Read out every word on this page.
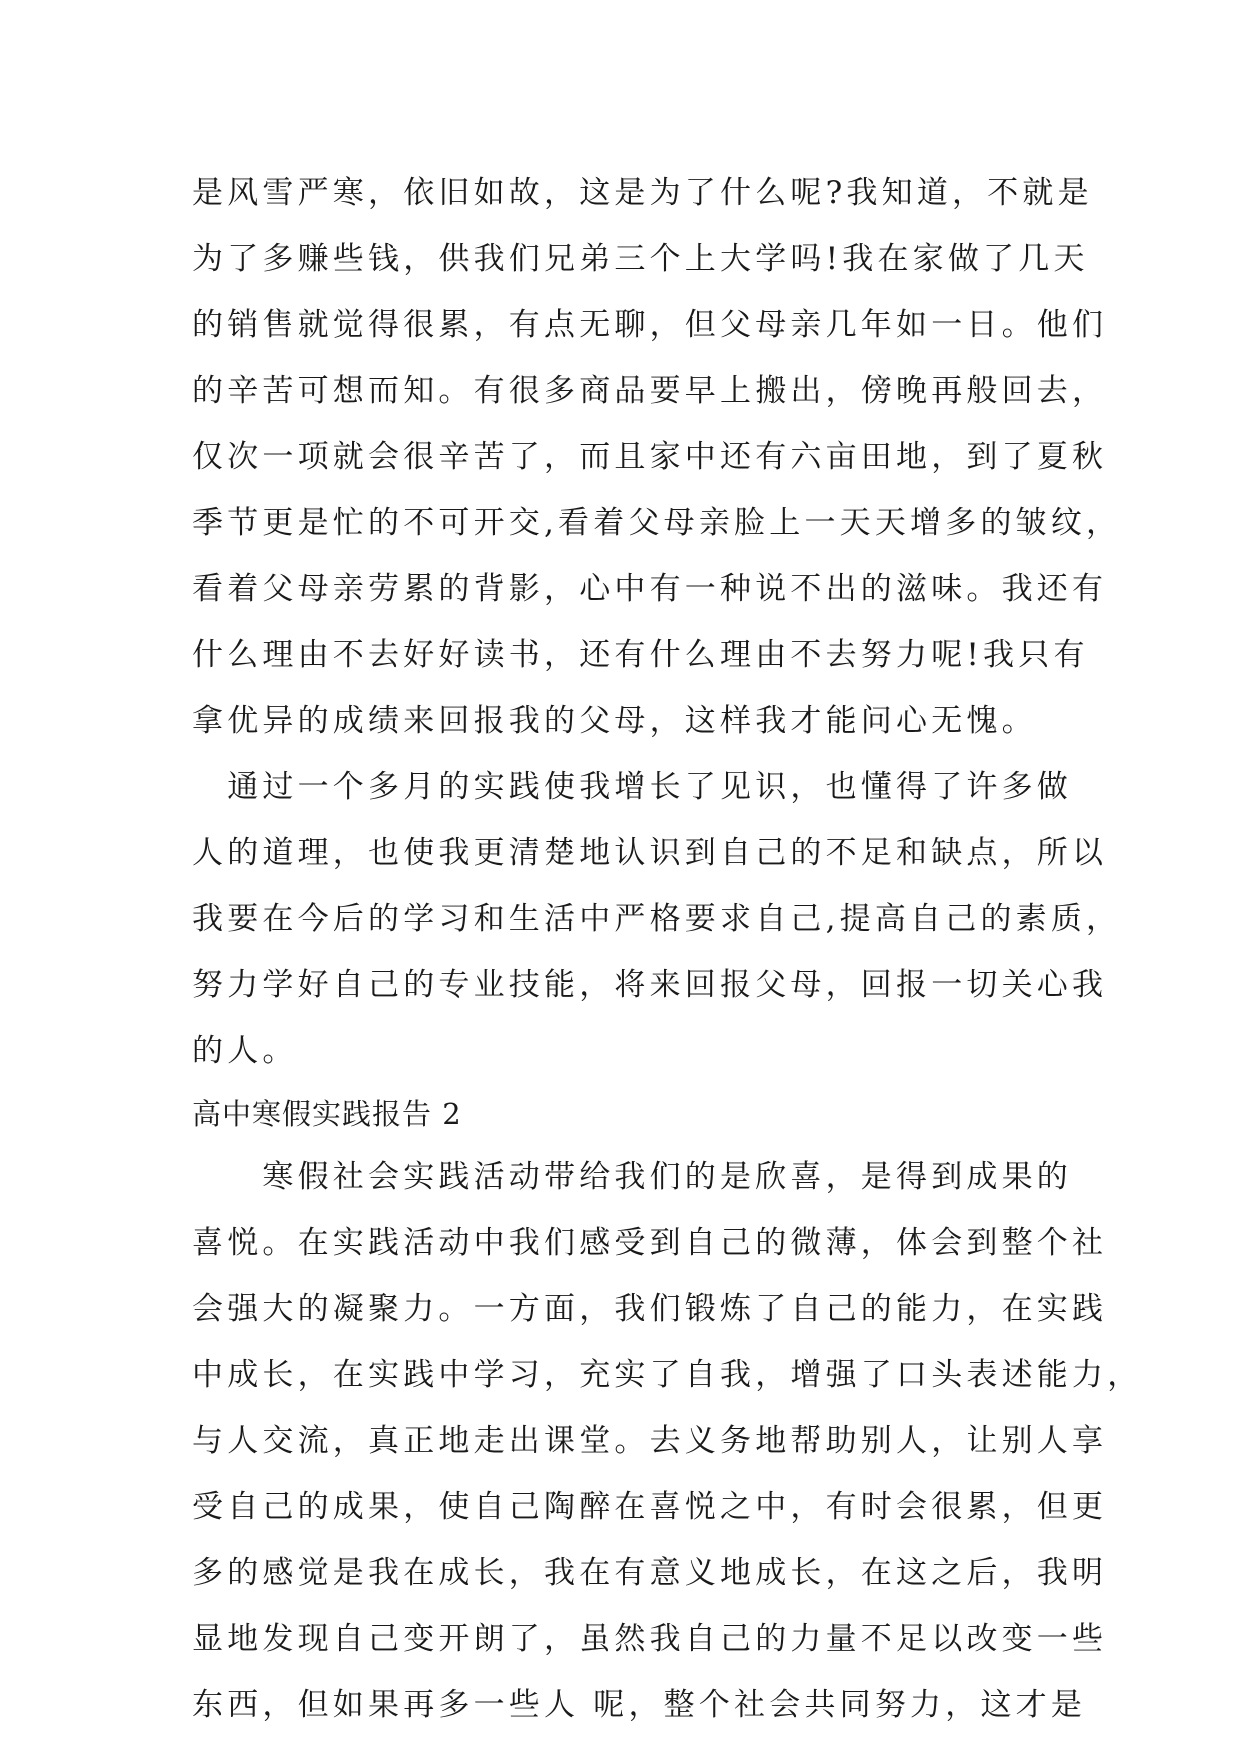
是风雪严寒，依旧如故，这是为了什么呢?我知道，不就是
为了多赚些钱，供我们兄弟三个上大学吗!我在家做了几天
的销售就觉得很累，有点无聊，但父母亲几年如一日。他们
的辛苦可想而知。有很多商品要早上搬出，傍晚再般回去，
仅次一项就会很辛苦了，而且家中还有六亩田地，到了夏秋
季节更是忙的不可开交,看着父母亲脸上一天天增多的皱纹，
看着父母亲劳累的背影，心中有一种说不出的滋味。我还有
什么理由不去好好读书，还有什么理由不去努力呢!我只有
拿优异的成绩来回报我的父母，这样我才能问心无愧。
　通过一个多月的实践使我增长了见识，也懂得了许多做
人的道理，也使我更清楚地认识到自己的不足和缺点，所以
我要在今后的学习和生活中严格要求自己,提高自己的素质，
努力学好自己的专业技能，将来回报父母，回报一切关心我
的人。
高中寒假实践报告 2
　　寒假社会实践活动带给我们的是欣喜，是得到成果的
喜悦。在实践活动中我们感受到自己的微薄，体会到整个社
会强大的凝聚力。一方面，我们锻炼了自己的能力，在实践
中成长，在实践中学习，充实了自我，增强了口头表述能力，
与人交流，真正地走出课堂。去义务地帮助别人，让别人享
受自己的成果，使自己陶醉在喜悦之中，有时会很累，但更
多的感觉是我在成长，我在有意义地成长，在这之后，我明
显地发现自己变开朗了，虽然我自己的力量不足以改变一些
东西，但如果再多一些人 呢，整个社会共同努力，这才是
